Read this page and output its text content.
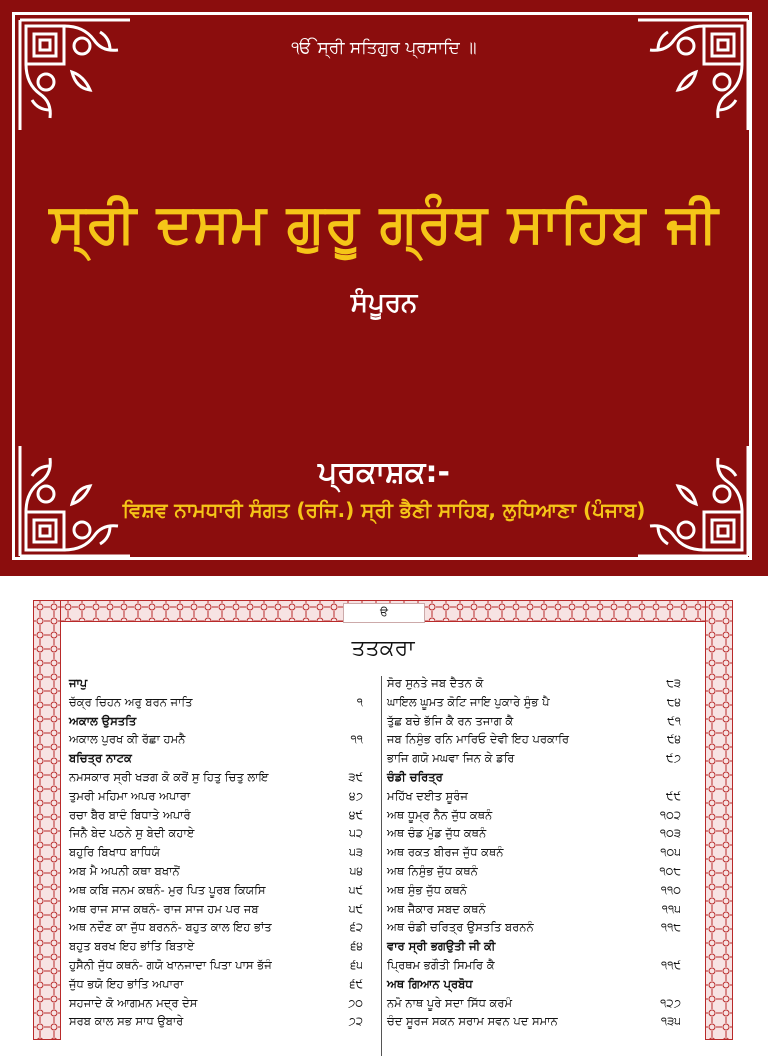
ੴ ਸ੍ਰੀ ਸਤਿਗੁਰ ਪ੍ਰਸਾਦਿ ॥
ਸ੍ਰੀ ਦਸਮ ਗੁਰੂ ਗ੍ਰੰਥ ਸਾਹਿਬ ਜੀ
ਸੰਪੂਰਨ
ਪ੍ਰਕਾਸ਼ਕ:-
ਵਿਸ਼ਵ ਨਾਮਧਾਰੀ ਸੰਗਤ (ਰਜਿ.) ਸ੍ਰੀ ਭੈਣੀ ਸਾਹਿਬ, ਲੁਧਿਆਣਾ (ਪੰਜਾਬ)
ੳ
ਤਤਕਰਾ
ਜਾਪੁ
ਚੱਕ੍ਰ ਚਿਹਨ ਅਰੁ ਬਰਨ ਜਾਤਿ	੧
ਅਕਾਲ ਉਸਤਤਿ
ਅਕਾਲ ਪੁਰਖ ਕੀ ਰੱਛਾ ਹਮਨੈ	੧੧
ਬਚਿਤ੍ਰ ਨਾਟਕ
ਨਮਸਕਾਰ ਸ੍ਰੀ ਖੜਗ ਕੋ ਕਰੋਂ ਸੁ ਹਿਤੁ ਚਿਤੁ ਲਾਇ	੩੯
ਤੁਮਰੀ ਮਹਿਮਾ ਅਪਰ ਅਪਾਰਾ	੪੭
ਰਚਾ ਬੈਰ ਬਾਦੰ ਬਿਧਾਤੇ ਅਪਾਰੰ	੪੯
ਜਿਨੈ ਬੇਦ ਪਠਨੇ ਸੁ ਬੇਦੀ ਕਹਾਏ	੫੨
ਬਹੁਰਿ ਬਿਖਾਧ ਬਾਧਿਯੰ	੫੩
ਅਬ ਮੈ ਅਪਨੀ ਕਥਾ ਬਖਾਨੋਂ	੫੪
ਅਥ ਕਬਿ ਜਨਮ ਕਥਨੰ- ਮੁਰ ਪਿਤ ਪੂਰਬ ਕਿਯਸਿ	੫੯
ਅਥ ਰਾਜ ਸਾਜ ਕਥਨੰ- ਰਾਜ ਸਾਜ ਹਮ ਪਰ ਜਬ	੫੯
ਅਥ ਨਦੌਣ ਕਾ ਜੁੱਧ ਬਰਨਨੰ- ਬਹੁਤ ਕਾਲ ਇਹ ਭਾਂਤ	੬੨
ਬਹੁਤ ਬਰਖ ਇਹ ਭਾਂਤਿ ਬਿਤਾਏ	੬੪
ਹੁਸੈਨੀ ਜੁੱਧ ਕਥਨੰ- ਗਯੋ ਖਾਨਜਾਦਾ ਪਿਤਾ ਪਾਸ ਭੱਜੰ	੬੫
ਜੁੱਧ ਭਯੋ ਇਹ ਭਾਂਤਿ ਅਪਾਰਾ	੬੯
ਸਹਜਾਦੇ ਕੋ ਆਗਮਨ ਮਦ੍ਰ ਦੇਸ	੭੦
ਸਰਬ ਕਾਲ ਸਭ ਸਾਧ ਉਬਾਰੇ	੭੨
ਸੋਰ ਸੁਨਤੇ ਜਬ ਦੈਤਨ ਕੋ	੮੩
ਘਾਇਲ ਘੂਮਤ ਕੋਟਿ ਜਾਇ ਪੁਕਾਰੇ ਸੁੰਭ ਪੈ	੮੪
ਤੁੱਛ ਬਚੇ ਭੱਜਿ ਕੈ ਰਨ ਤਜਾਗ ਕੈ	੯੧
ਜਬ ਨਿਸੁੰਭ ਰਨਿ ਮਾਰਿਓ ਦੇਵੀ ਇਹ ਪਰਕਾਰਿ	੯੪
ਭਾਜਿ ਗਯੋ ਮਘਵਾ ਜਿਨ ਕੇ ਡਰਿ	੯੭
ਚੰਡੀ ਚਰਿਤ੍ਰ
ਮਹਿੱਖ ਦਈਤ ਸੂਰੰਜ	੯੯
ਅਥ ਧੂਮ੍ਰ ਨੈਨ ਜੁੱਧ ਕਥਨੰ	੧੦੨
ਅਥ ਚੰਡ ਮੁੰਡ ਜੁੱਧ ਕਥਨੰ	੧੦੩
ਅਥ ਰਕਤ ਬੀਰਜ ਜੁੱਧ ਕਥਨੰ	੧੦੫
ਅਥ ਨਿਸੁੰਭ ਜੁੱਧ ਕਥਨੰ	੧੦੮
ਅਥ ਸੁੰਭ ਜੁੱਧ ਕਥਨੰ	੧੧੦
ਅਥ ਜੈਕਾਰ ਸਬਦ ਕਥਨੰ	੧੧੫
ਅਥ ਚੰਡੀ ਚਰਿਤ੍ਰ ਉਸਤਤਿ ਬਰਨਨੰ	੧੧੮
ਵਾਰ ਸ੍ਰੀ ਭਗਉਤੀ ਜੀ ਕੀ
ਪ੍ਰਿਥਮ ਭਗੌਤੀ ਸਿਮਰਿ ਕੈ	੧੧੯
ਅਥ ਗਿਆਨ ਪ੍ਰਬੋਧ
ਨਮੋ ਨਾਥ ਪੂਰੇ ਸਦਾ ਸਿੱਧ ਕਰਮੰ	੧੨੭
ਚੰਦ ਸੂਰਜ ਸਕਨ ਸਰਾਮ ਸਵਨ ਪਦ ਸਮਾਨ	੧੩੫
